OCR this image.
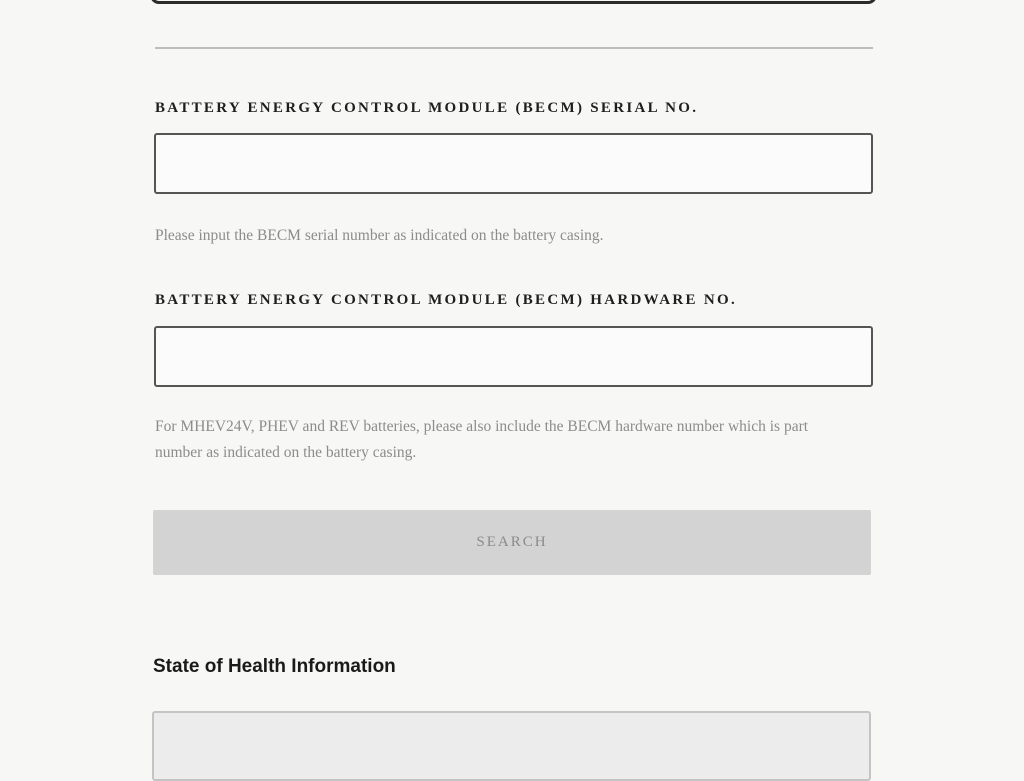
BATTERY ENERGY CONTROL MODULE (BECM) SERIAL NO.

Please input the BECM serial number as indicated on the battery casing.

BATTERY ENERGY CONTROL MODULE (BECM) HARDWARE NO.

For MHEV24V, PHEV and REV batteries, please also include the BECM hardware number which is part number as indicated on the battery casing.

SEARCH
State of Health Information
